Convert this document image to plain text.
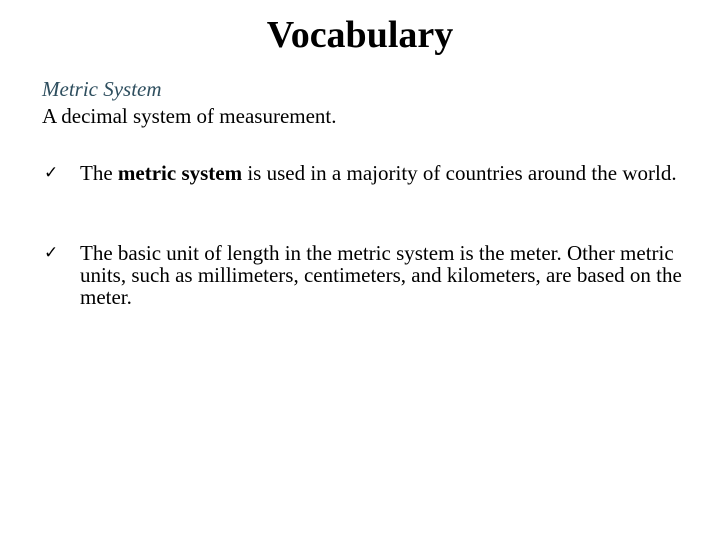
Vocabulary
Metric System
A decimal system of measurement.
✓ The metric system is used in a majority of countries around the world.
✓ The basic unit of length in the metric system is the meter. Other metric units, such as millimeters, centimeters, and kilometers, are based on the meter.
